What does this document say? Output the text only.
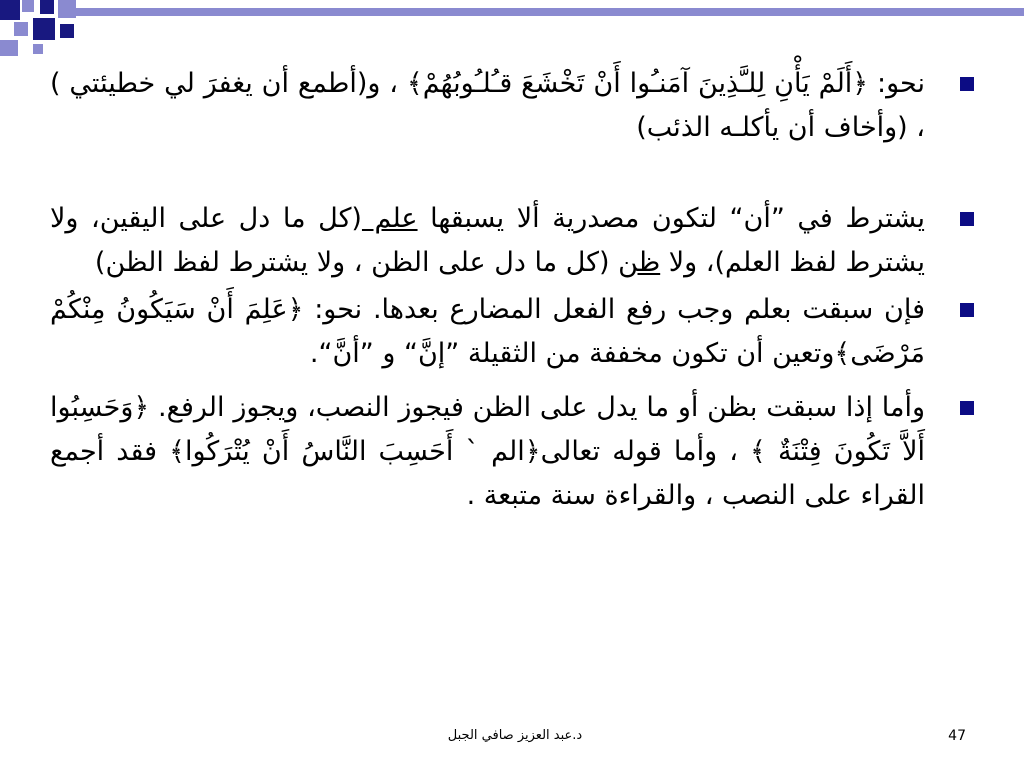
نحو: ﴿أَلَمْ يَأْنِ لِلـَّذِينَ آمَنـُوا أَنْ تَخْشَعَ قـُلـُوبُهُمْ﴾ ، و(أطمع أن يغفرَ لي خطيئتي ) ، (وأخاف أن يأكلـه الذئب)
يشترط في ”أن“ لتكون مصدرية ألا يسبقها علم (كل ما دل على اليقين، ولا يشترط لفظ العلم)، ولا ظن (كل ما دل على الظن ، ولا يشترط لفظ الظن)
فإن سبقت بعلم وجب رفع الفعل المضارع بعدها. نحو: ﴿عَلِمَ أَنْ سَيَكُونُ مِنْكُمْ مَرْضَى﴾وتعين أن تكون مخففة من الثقيلة ”إنَّ“ و ”أنَّ“.
وأما إذا سبقت بظن أو ما يدل على الظن فيجوز النصب، ويجوز الرفع. ﴿وَحَسِبُوا أَلاَّ تَكُونَ فِتْنَةٌ ﴾ ، وأما قوله تعالى﴿الم ` أَحَسِبَ النَّاسُ أَنْ يُتْرَكُوا﴾ فقد أجمع القراء على النصب ، والقراءة سنة متبعة .
د.عبد العزيز صافي الجبل	47
